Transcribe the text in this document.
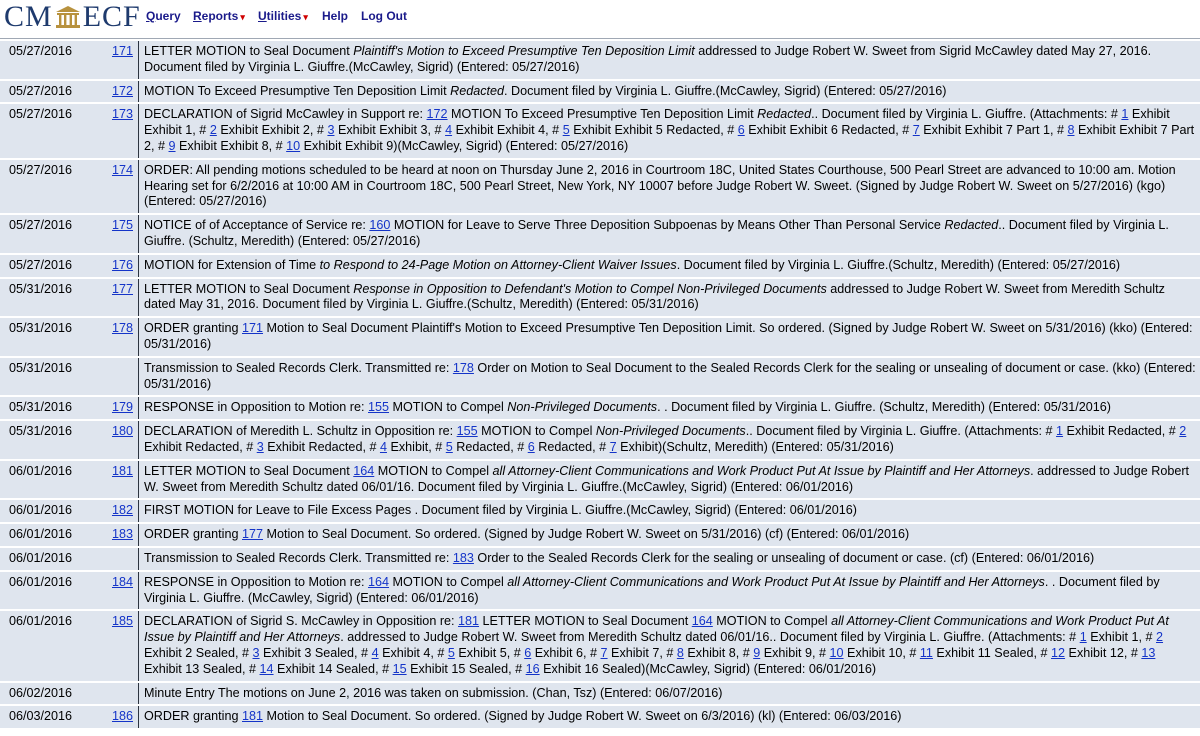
CM ECF Query Reports ▾ Utilities ▾ Help Log Out
05/27/2016	171	LETTER MOTION to Seal Document Plaintiff's Motion to Exceed Presumptive Ten Deposition Limit addressed to Judge Robert W. Sweet from Sigrid McCawley dated May 27, 2016. Document filed by Virginia L. Giuffre.(McCawley, Sigrid) (Entered: 05/27/2016)
05/27/2016	172	MOTION To Exceed Presumptive Ten Deposition Limit Redacted. Document filed by Virginia L. Giuffre.(McCawley, Sigrid) (Entered: 05/27/2016)
05/27/2016	173	DECLARATION of Sigrid McCawley in Support re: 172 MOTION To Exceed Presumptive Ten Deposition Limit Redacted.. Document filed by Virginia L. Giuffre. (Attachments: # 1 Exhibit Exhibit 1, # 2 Exhibit Exhibit 2, # 3 Exhibit Exhibit 3, # 4 Exhibit Exhibit 4, # 5 Exhibit Exhibit 5 Redacted, # 6 Exhibit Exhibit 6 Redacted, # 7 Exhibit Exhibit 7 Part 1, # 8 Exhibit Exhibit 7 Part 2, # 9 Exhibit Exhibit 8, # 10 Exhibit Exhibit 9)(McCawley, Sigrid) (Entered: 05/27/2016)
05/27/2016	174	ORDER: All pending motions scheduled to be heard at noon on Thursday June 2, 2016 in Courtroom 18C, United States Courthouse, 500 Pearl Street are advanced to 10:00 am. Motion Hearing set for 6/2/2016 at 10:00 AM in Courtroom 18C, 500 Pearl Street, New York, NY 10007 before Judge Robert W. Sweet. (Signed by Judge Robert W. Sweet on 5/27/2016) (kgo) (Entered: 05/27/2016)
05/27/2016	175	NOTICE of of Acceptance of Service re: 160 MOTION for Leave to Serve Three Deposition Subpoenas by Means Other Than Personal Service Redacted.. Document filed by Virginia L. Giuffre. (Schultz, Meredith) (Entered: 05/27/2016)
05/27/2016	176	MOTION for Extension of Time to Respond to 24-Page Motion on Attorney-Client Waiver Issues. Document filed by Virginia L. Giuffre.(Schultz, Meredith) (Entered: 05/27/2016)
05/31/2016	177	LETTER MOTION to Seal Document Response in Opposition to Defendant's Motion to Compel Non-Privileged Documents addressed to Judge Robert W. Sweet from Meredith Schultz dated May 31, 2016. Document filed by Virginia L. Giuffre.(Schultz, Meredith) (Entered: 05/31/2016)
05/31/2016	178	ORDER granting 171 Motion to Seal Document Plaintiff's Motion to Exceed Presumptive Ten Deposition Limit. So ordered. (Signed by Judge Robert W. Sweet on 5/31/2016) (kko) (Entered: 05/31/2016)
05/31/2016		Transmission to Sealed Records Clerk. Transmitted re: 178 Order on Motion to Seal Document to the Sealed Records Clerk for the sealing or unsealing of document or case. (kko) (Entered: 05/31/2016)
05/31/2016	179	RESPONSE in Opposition to Motion re: 155 MOTION to Compel Non-Privileged Documents. . Document filed by Virginia L. Giuffre. (Schultz, Meredith) (Entered: 05/31/2016)
05/31/2016	180	DECLARATION of Meredith L. Schultz in Opposition re: 155 MOTION to Compel Non-Privileged Documents.. Document filed by Virginia L. Giuffre. (Attachments: # 1 Exhibit Redacted, # 2 Exhibit Redacted, # 3 Exhibit Redacted, # 4 Exhibit, # 5 Redacted, # 6 Redacted, # 7 Exhibit)(Schultz, Meredith) (Entered: 05/31/2016)
06/01/2016	181	LETTER MOTION to Seal Document 164 MOTION to Compel all Attorney-Client Communications and Work Product Put At Issue by Plaintiff and Her Attorneys. addressed to Judge Robert W. Sweet from Meredith Schultz dated 06/01/16. Document filed by Virginia L. Giuffre.(McCawley, Sigrid) (Entered: 06/01/2016)
06/01/2016	182	FIRST MOTION for Leave to File Excess Pages . Document filed by Virginia L. Giuffre.(McCawley, Sigrid) (Entered: 06/01/2016)
06/01/2016	183	ORDER granting 177 Motion to Seal Document. So ordered. (Signed by Judge Robert W. Sweet on 5/31/2016) (cf) (Entered: 06/01/2016)
06/01/2016		Transmission to Sealed Records Clerk. Transmitted re: 183 Order to the Sealed Records Clerk for the sealing or unsealing of document or case. (cf) (Entered: 06/01/2016)
06/01/2016	184	RESPONSE in Opposition to Motion re: 164 MOTION to Compel all Attorney-Client Communications and Work Product Put At Issue by Plaintiff and Her Attorneys. . Document filed by Virginia L. Giuffre. (McCawley, Sigrid) (Entered: 06/01/2016)
06/01/2016	185	DECLARATION of Sigrid S. McCawley in Opposition re: 181 LETTER MOTION to Seal Document 164 MOTION to Compel all Attorney-Client Communications and Work Product Put At Issue by Plaintiff and Her Attorneys. addressed to Judge Robert W. Sweet from Meredith Schultz dated 06/01/16.. Document filed by Virginia L. Giuffre. (Attachments: # 1 Exhibit 1, # 2 Exhibit 2 Sealed, # 3 Exhibit 3 Sealed, # 4 Exhibit 4, # 5 Exhibit 5, # 6 Exhibit 6, # 7 Exhibit 7, # 8 Exhibit 8, # 9 Exhibit 9, # 10 Exhibit 10, # 11 Exhibit 11 Sealed, # 12 Exhibit 12, # 13 Exhibit 13 Sealed, # 14 Exhibit 14 Sealed, # 15 Exhibit 15 Sealed, # 16 Exhibit 16 Sealed)(McCawley, Sigrid) (Entered: 06/01/2016)
06/02/2016		Minute Entry The motions on June 2, 2016 was taken on submission. (Chan, Tsz) (Entered: 06/07/2016)
06/03/2016	186	ORDER granting 181 Motion to Seal Document. So ordered. (Signed by Judge Robert W. Sweet on 6/3/2016) (kl) (Entered: 06/03/2016)
